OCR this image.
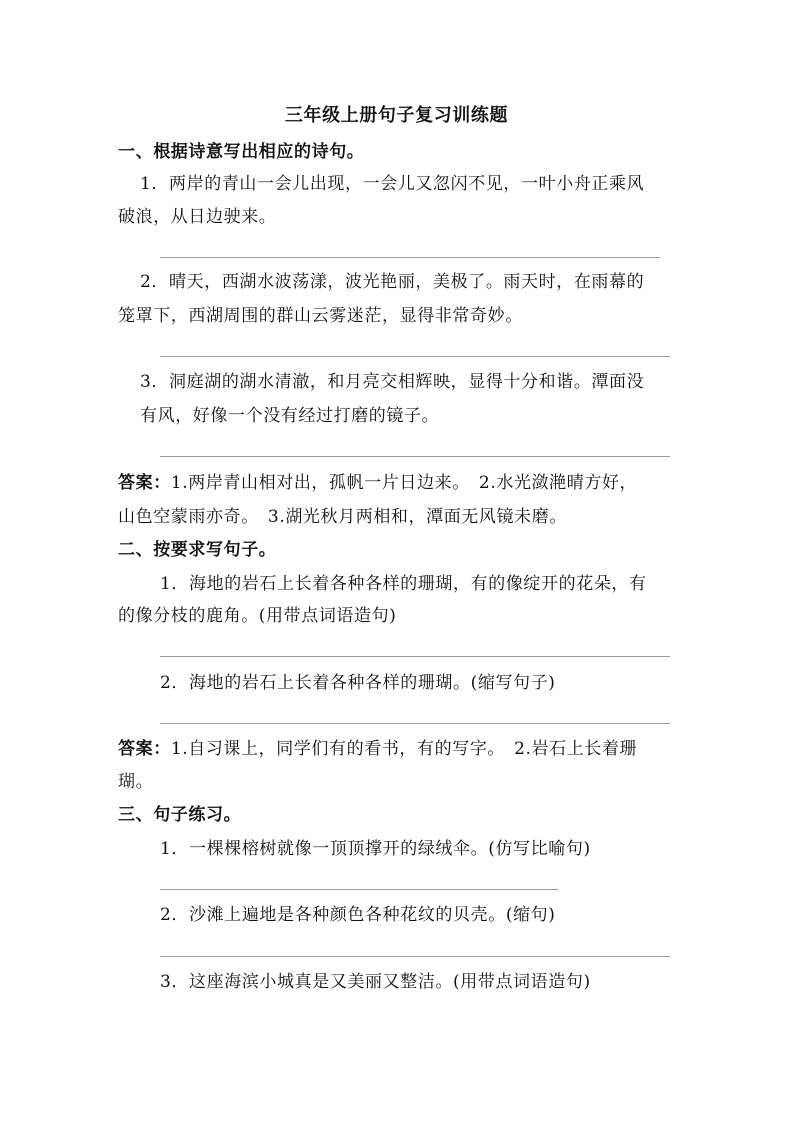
三年级上册句子复习训练题
一、根据诗意写出相应的诗句。
1．两岸的青山一会儿出现，一会儿又忽闪不见，一叶小舟正乘风
破浪，从日边驶来。
2．晴天，西湖水波荡漾，波光艳丽，美极了。雨天时，在雨幕的
笼罩下，西湖周围的群山云雾迷茫，显得非常奇妙。
3．洞庭湖的湖水清澈，和月亮交相辉映，显得十分和谐。潭面没
有风，好像一个没有经过打磨的镜子。
答案：1.两岸青山相对出，孤帆一片日边来。　2.水光潋滟晴方好，
山色空蒙雨亦奇。　3.湖光秋月两相和，潭面无风镜未磨。
二、按要求写句子。
1．海地的岩石上长着各种各样的珊瑚，有的像绽开的花朵，有
的像分枝的鹿角。(用带点词语造句)
2．海地的岩石上长着各种各样的珊瑚。(缩写句子)
答案：1.自习课上，同学们有的看书，有的写字。　2.岩石上长着珊
瑚。
三、句子练习。
1．一棵棵榕树就像一顶顶撑开的绿绒伞。(仿写比喻句)
2．沙滩上遍地是各种颜色各种花纹的贝壳。(缩句)
3．这座海滨小城真是又美丽又整洁。(用带点词语造句)
